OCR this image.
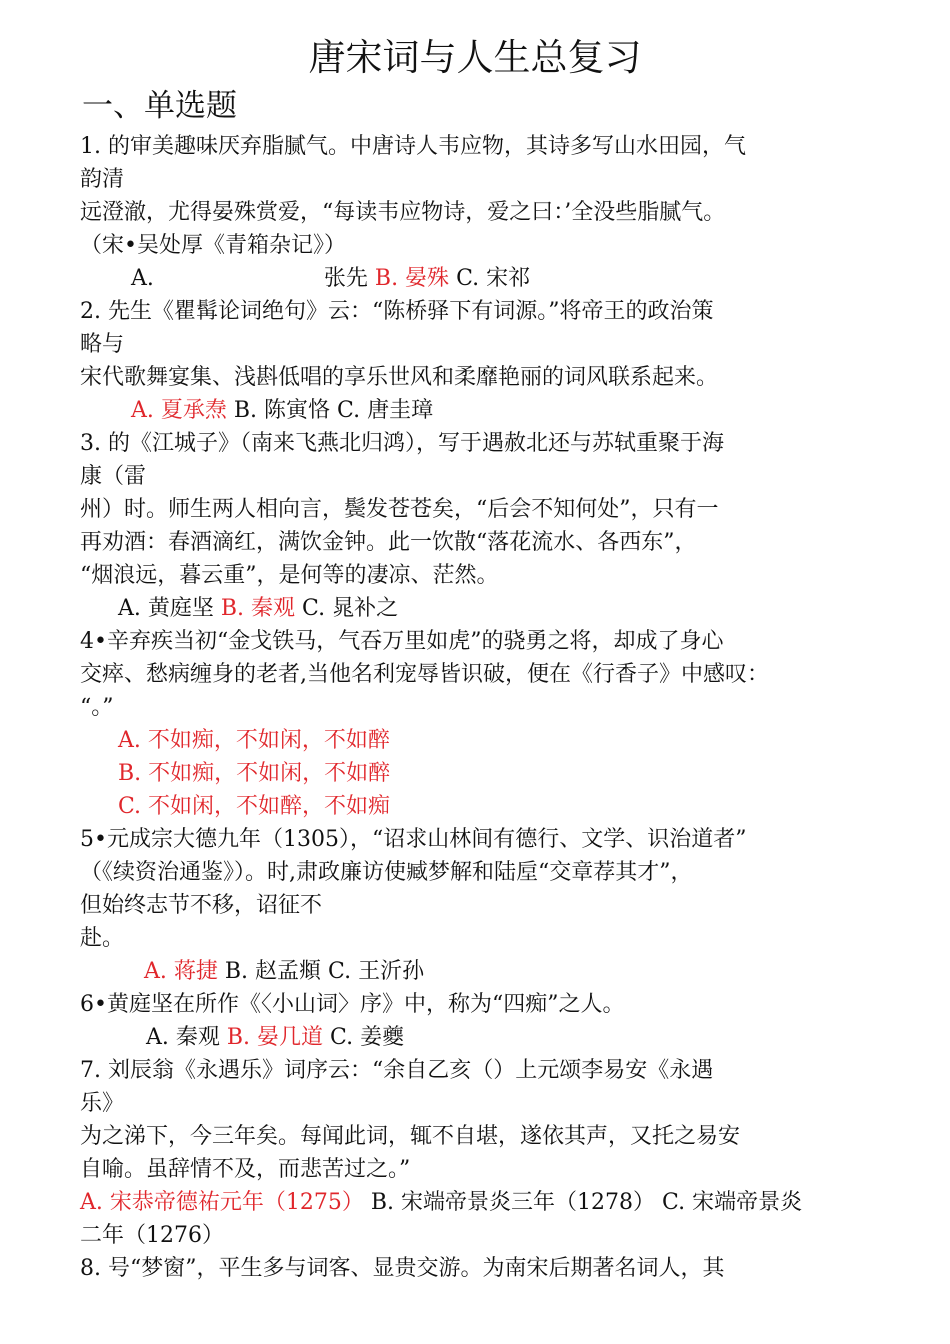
唐宋词与人生总复习
一、单选题
1. 的审美趣味厌弃脂腻气。中唐诗人韦应物，其诗多写山水田园，气
韵清
远澄澈，尤得晏殊赏爱，“每读韦应物诗，爱之曰：’全没些脂腻气。
（宋•吴处厚《青箱杂记》）
A.	张先 B. 晏殊 C. 宋祁
2. 先生《瞿髯论词绝句》云：“陈桥驿下有词源。”将帝王的政治策
略与
宋代歌舞宴集、浅斟低唱的享乐世风和柔靡艳丽的词风联系起来。
A. 夏承焘 B. 陈寅恪 C. 唐圭璋
3. 的《江城子》（南来飞燕北归鸿），写于遇赦北还与苏轼重聚于海
康（雷
州）时。师生两人相向言，鬓发苍苍矣，“后会不知何处”，只有一
再劝酒：春酒滴红，满饮金钟。此一饮散“落花流水、各西东”，
“烟浪远，暮云重”，是何等的凄凉、茫然。
A. 黄庭坚 B. 秦观 C. 晁补之
4•辛弃疾当初“金戈铁马，气吞万里如虎”的骁勇之将，却成了身心
交瘁、愁病缠身的老者,当他名利宠辱皆识破，便在《行香子》中感叹：
“。”
A. 不如痴，不如闲，不如醉
B. 不如痴，不如闲，不如醉
C. 不如闲，不如醉，不如痴
5•元成宗大德九年（1305），“诏求山林间有德行、文学、识治道者”
（《续资治通鉴》）。时,肃政廉访使臧梦解和陆垕“交章荐其才”，
但始终志节不移，诏征不
赴。
A. 蒋捷 B. 赵孟頫 C. 王沂孙
6•黄庭坚在所作《〈小山词〉序》中，称为“四痴”之人。
A. 秦观 B. 晏几道 C. 姜夔
7. 刘辰翁《永遇乐》词序云：“余自乙亥（）上元颂李易安《永遇
乐》
为之涕下，今三年矣。每闻此词，辄不自堪，遂依其声，又托之易安
自喻。虽辞情不及，而悲苦过之。”
A. 宋恭帝德祐元年（1275） B. 宋端帝景炎三年（1278） C. 宋端帝景炎
二年（1276）
8. 号“梦窗”，平生多与词客、显贵交游。为南宋后期著名词人，其
